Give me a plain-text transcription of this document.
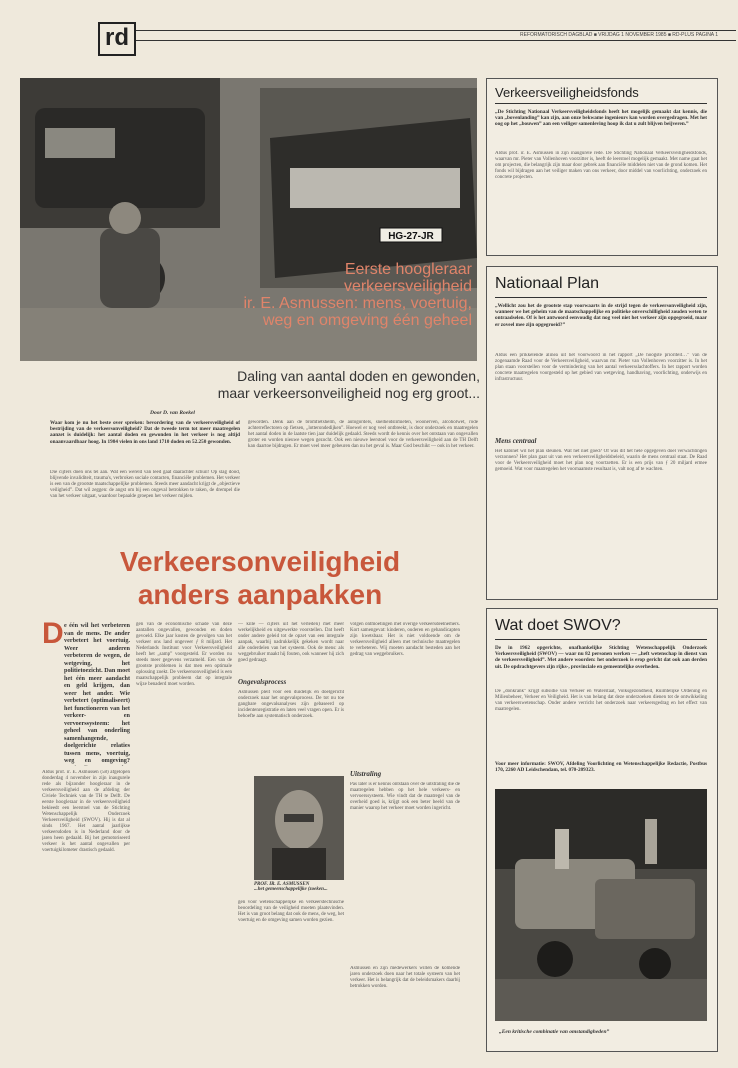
rd	REFORMATORISCH DAGBLAD ■ VRIJDAG 1 NOVEMBER 1985 ■ RD-PLUS PAGINA 1
HG-27-JR
Eerste hoogleraar
verkeersveiligheid
ir. E. Asmussen: mens, voertuig,
weg en omgeving één geheel
Daling van aantal doden en gewonden,
maar verkeersonveiligheid nog erg groot...
Door D. van Roekel
Waar kom je nu het beste over spreken: bevordering van de verkeersveiligheid of bestrijding van de verkeersonveiligheid? Dat de tweede term tot meer maatregelen aanzet is duidelijk: het aantal doden en gewonden in het verkeer is nog altijd onaanvaardbaar hoog. In 1984 vielen in ons land 1710 doden en 52.250 gewonden.
Die cijfers doen ons tel aan. Wat een wereld van leed gaat daarachter schuil! Op slag dood, blijvende invaliditeit, trauma's, verbroken sociale contacten, financiële problemen. Het verkeer is een van de grootste maatschappelijke problemen. Steeds meer aandacht krijgt de „objectieve veiligheid”. Dat wil zeggen: de angst om bij een ongeval betrokken te raken, de drempel die van het verkeer uitgaat, waardoor bepaalde groepen het verkeer mijden.
geworden. Denk aan de bromfietshelm, de autogordels, snelheidslimieten, woonerven, alcoholwet, rode achterreflectoren op fietsen, „lotterondedijken”. Hoewel er nog veel ontbreekt, is door onderzoek en maatregelen het aantal doden in de laatste tien jaar duidelijk gedaald. Steeds wordt de kennis over het ontstaan van ongevallen groter en worden nieuwe wegen gezocht. Ook een nieuwe leerstoel voor de verkeersveiligheid aan de TH Delft kan daartoe bijdragen. Er moet veel meer gebeuren dan nu het geval is. Maar God beschikt — ook in het verkeer.
Verkeersonveiligheid
anders aanpakken
D e één wil het verbeteren van de mens. De ander verbetert het voertuig. Weer anderen verbeteren de wegen, de wetgeving, het politietoezicht. Dan moet het één meer aandacht en geld krijgen, dan weer het ander. Wie verbetert (optimaliseert) het functioneren van het verkeer- en vervoerssysteem: het geheel van onderling samenhangende, doelgerichte relaties tussen mens, voertuig, weg en omgeving?
Aldus prof. ir. E. Asmussen (58) afgelopen donderdag 4 november in zijn inaugurele rede als bijzonder hoogleraar in de verkeersveiligheid aan de afdeling der Civiele Techniek van de TH te Delft. De eerste hoogleraar in de verkeersveiligheid bekleedt een leerstoel van de Stichting Wetenschappelijk Onderzoek Verkeersveiligheid (SWOV). Hij is dat al sinds 1967. Het aantal jaarlijkse verkeersdoden is in Nederland door de jaren heen gedaald. Bij het gemotoriseerd verkeer is het aantal ongevallen per voertuigkilometer drastisch gedaald.
gen van de economische schade van deze aantallen ongevallen, gewonden en doden gevoeld. Elke jaar kosten de gevolgen van het verkeer ons land ongeveer ƒ 8 miljard. Het Nederlands Instituut voor Verkeersveiligheid heeft het „samp” voorgesteld. Er worden nu steeds meer gegevens verzameld. Een van de grootste problemen is dat men een optimale oplossing zoekt. De verkeersonveiligheid is een maatschappelijk probleem dat op integrale wijze benaderd moet worden.
— kille — cijfers uit het verleden) met meer werkelijkheid en uitgewerkte voorstellen. Dat heeft onder andere geleid tot de opzet van een integrale aanpak, waarbij nadrukkelijk gekeken wordt naar alle onderdelen van het systeem. Ook de mens: als weggebruiker maakt hij fouten, ook wanneer hij zich goed gedraagt.
Ongevalsprocess
Asmussen pleit voor een duidelijk en doelgericht onderzoek naar het ongevalsprocess. De tot nu toe gangbare ongevalsanalyses zijn gebaseerd op incidentenregistratie en laten veel vragen open. Er is behoefte aan systematisch onderzoek.
PROF. IR. E. ASMUSSEN
...het gemeenschappelijke (zoeken...
gen voor wetenschappelijke en verkeerstechnische beoordeling van de veiligheid moeten plaatsvinden. Het is van groot belang dat ook de mens, de weg, het voertuig en de omgeving samen worden gezien.
volgen ontmoetingen met overige verkeersdeelnemers. Kort samengevat: kinderen, ouderen en gehandicapten zijn kwetsbaar. Het is niet voldoende om de verkeersveiligheid alleen met technische maatregelen te verbeteren. Wij moeten aandacht besteden aan het gedrag van weggebruikers.
Uitstraling
Pas later is er kennis ontstaan over de uitstraling die de maatregelen hebben op het hele verkeers- en vervoerssysteem. Wie vindt dat de maatregel van de overheid goed is, krijgt ook een beter beeld van de manier waarop het verkeer moet worden ingericht.
Asmussen en zijn medewerkers willen de komende jaren onderzoek doen naar het totale systeem van het verkeer. Het is belangrijk dat de beleidsmakers daarbij betrokken worden.
Verkeersveiligheidsfonds
„De Stichting Nationaal Verkeersveiligheidsfonds heeft het mogelijk gemaakt dat kennis, die van „bovenlanding” kan zijn, aan onze bekwame ingenieurs kan worden overgedragen. Met het oog op het „bouwen” aan een veiliger samenleving hoop ik dat u zult blijven beijveren.”
Aldus prof. ir. E. Asmussen in zijn inaugurele rede. De Stichting Nationaal Verkeersveiligheidsfonds, waarvan mr. Pieter van Vollenhoven voorzitter is, heeft de leerstoel mogelijk gemaakt. Met name gaat het om projecten, die belangrijk zijn maar door gebrek aan financiële middelen niet van de grond komen. Het fonds wil bijdragen aan het veiliger maken van ons verkeer, door middel van voorlichting, onderzoek en concrete projecten.
Nationaal Plan
„Wellicht zou het de grootste stap voorwaarts in de strijd tegen de verkeersonveiligheid zijn, wanneer we het geheim van de maatschappelijke en politieke onverschilligheid zouden weten te ontraadselen. Of is het antwoord eenvoudig dat nog veel niet het verkeer zijn opgegroeid, maar er zoveel mee zijn opgegroeid?”
Aldus een prikkelende alinea uit het voorwoord in het rapport „De hoogste prioriteit…” van de zogenaamde Raad voor de Verkeersveiligheid, waarvan mr. Pieter van Vollenhoven voorzitter is. In het plan staan voorstellen voor de vermindering van het aantal verkeersslachtoffers. In het rapport worden concrete maatregelen voorgesteld op het gebied van wetgeving, handhaving, voorlichting, onderwijs en infrastructuur.
Mens centraal
Het kabinet wil het plan steunen. Wat het niet goed? Of was dit het hele opgegeven doel verwachtingen verzonnen? Het plan gaat uit van een verkeersveiligheidsbeleid, waarin de mens centraal staat. De Raad voor de Verkeersveiligheid moet het plan nog voortzetten. Er is een prijs van ƒ 20 miljard ermee gemoeid. Wat voor maatregelen het voornaamste resultaat is, valt nog af te wachten.
Wat doet SWOV?
De in 1962 opgerichte, onafhankelijke Stichting Wetenschappelijk Onderzoek Verkeersveiligheid (SWOV) — waar nu 82 personen werken — „heft wetenschap in dienst van de verkeersveiligheid”. Met andere woorden: het onderzoek is erop gericht dat ook aan derden uit. De opdrachtgevers zijn rijks-, provinciale en gemeentelijke overheden.
De „donkrank” krijgt subsidie van Verkeer en Waterstaat, Volksgezondheid, Ruimtelijke Ordening en Milieubeheer, Verkeer en Veiligheid. Het is van belang dat deze onderzoeken dienen tot de ontwikkeling van verkeerswetenschap. Onder andere verricht het onderzoek naar verkeersgedrag en het effect van maatregelen.
Voor meer informatie: SWOV, Afdeling Voorlichting en Wetenschappelijke Redactie, Postbus 170, 2260 AD Leidschendam, tel. 070-209323.
„Een kritische combinatie van omstandigheden”
